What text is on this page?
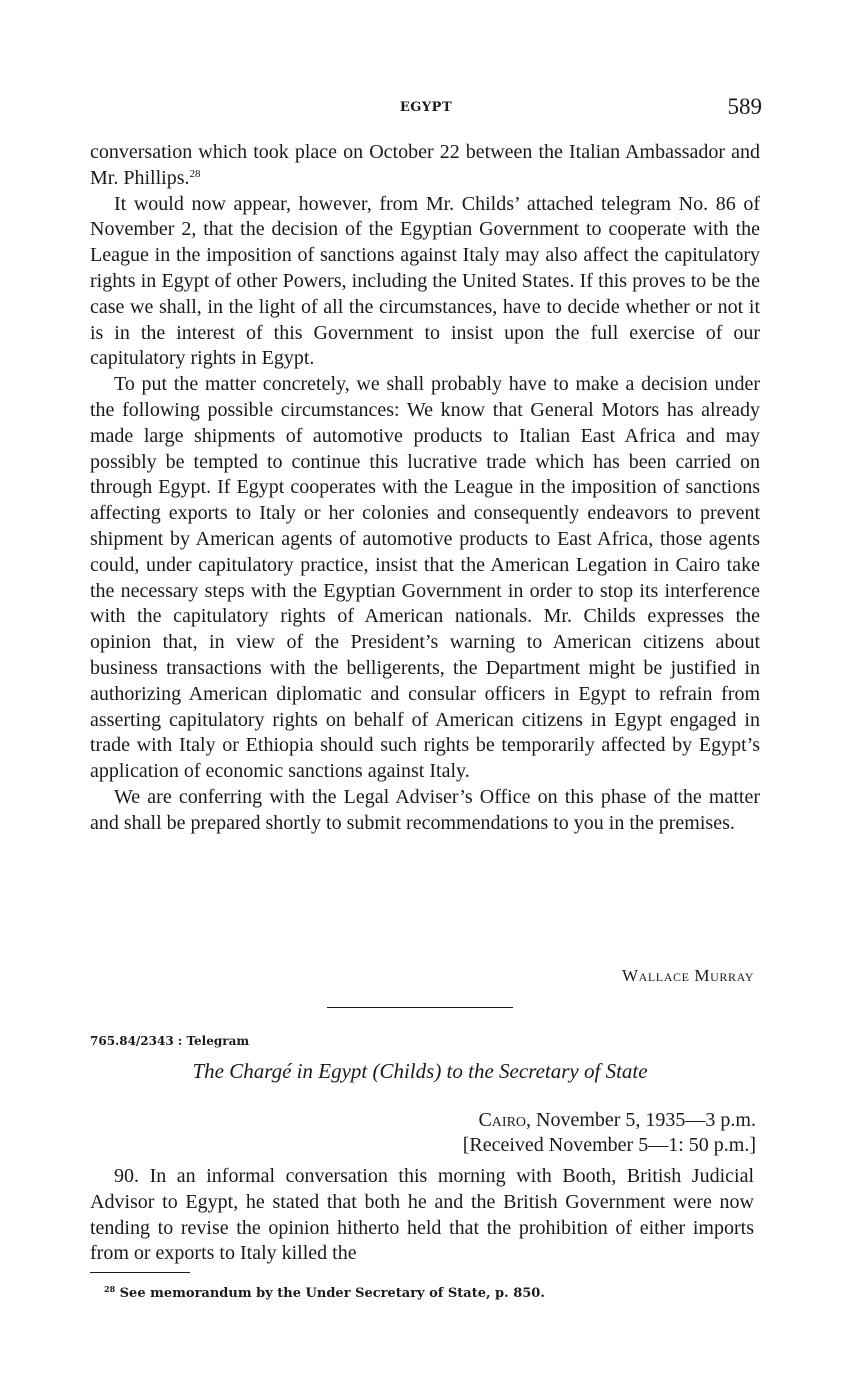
EGYPT	589

conversation which took place on October 22 between the Italian Ambassador and Mr. Phillips.$^{28}$

It would now appear, however, from Mr. Childs’ attached telegram No. 86 of November 2, that the decision of the Egyptian Government to cooperate with the League in the imposition of sanctions against Italy may also affect the capitulatory rights in Egypt of other Powers, including the United States. If this proves to be the case we shall, in the light of all the circumstances, have to decide whether or not it is in the interest of this Government to insist upon the full exercise of our capitulatory rights in Egypt.

To put the matter concretely, we shall probably have to make a decision under the following possible circumstances: We know that General Motors has already made large shipments of automotive products to Italian East Africa and may possibly be tempted to continue this lucrative trade which has been carried on through Egypt. If Egypt cooperates with the League in the imposition of sanctions affecting exports to Italy or her colonies and consequently endeavors to prevent shipment by American agents of automotive products to East Africa, those agents could, under capitulatory practice, insist that the American Legation in Cairo take the necessary steps with the Egyptian Government in order to stop its interference with the capitulatory rights of American nationals. Mr. Childs expresses the opinion that, in view of the President’s warning to American citizens about business transactions with the belligerents, the Department might be justified in authorizing American diplomatic and consular officers in Egypt to refrain from asserting capitulatory rights on behalf of American citizens in Egypt engaged in trade with Italy or Ethiopia should such rights be temporarily affected by Egypt’s application of economic sanctions against Italy.

We are conferring with the Legal Adviser’s Office on this phase of the matter and shall be prepared shortly to submit recommendations to you in the premises.

Wallace Murray
765.84/2343 : Telegram
The Chargé in Egypt (Childs) to the Secretary of State
Cairo, November 5, 1935—3 p.m.
[Received November 5—1: 50 p.m.]

90. In an informal conversation this morning with Booth, British Judicial Advisor to Egypt, he stated that both he and the British Government were now tending to revise the opinion hitherto held that the prohibition of either imports from or exports to Italy killed the

$^{28}$ See memorandum by the Under Secretary of State, p. 850.
